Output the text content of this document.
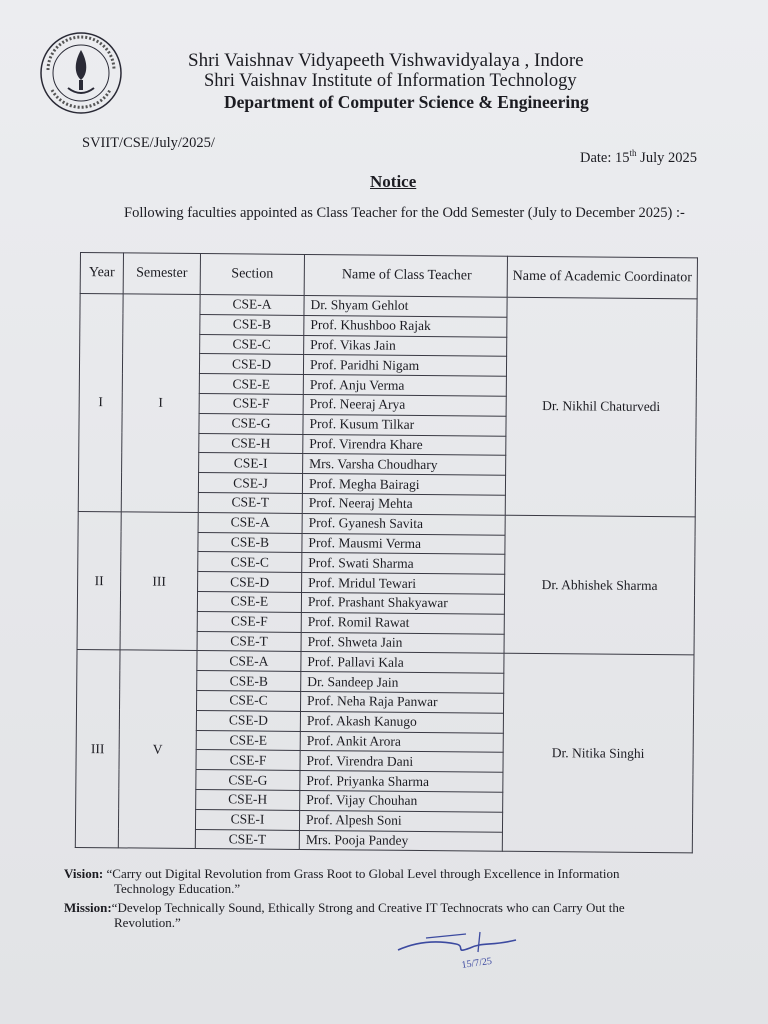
Shri Vaishnav Vidyapeeth Vishwavidyalaya , Indore
Shri Vaishnav Institute of Information Technology
Department of Computer Science & Engineering
SVIIT/CSE/July/2025/
Date: 15th July 2025
Notice
Following faculties appointed as Class Teacher for the Odd Semester (July to December 2025) :-
Year	Semester	Section	Name of Class Teacher	Name of Academic Coordinator
I	I	CSE-A	Dr. Shyam Gehlot	Dr. Nikhil Chaturvedi
		CSE-B	Prof. Khushboo Rajak	
		CSE-C	Prof. Vikas Jain	
		CSE-D	Prof. Paridhi Nigam	
		CSE-E	Prof. Anju Verma	
		CSE-F	Prof. Neeraj Arya	
		CSE-G	Prof. Kusum Tilkar	
		CSE-H	Prof. Virendra Khare	
		CSE-I	Mrs. Varsha Choudhary	
		CSE-J	Prof. Megha Bairagi	
		CSE-T	Prof. Neeraj Mehta	
II	III	CSE-A	Prof. Gyanesh Savita	Dr. Abhishek Sharma
		CSE-B	Prof. Mausmi Verma	
		CSE-C	Prof. Swati Sharma	
		CSE-D	Prof. Mridul Tewari	
		CSE-E	Prof. Prashant Shakyawar	
		CSE-F	Prof. Romil Rawat	
		CSE-T	Prof. Shweta Jain	
III	V	CSE-A	Prof. Pallavi Kala	Dr. Nitika Singhi
		CSE-B	Dr. Sandeep Jain	
		CSE-C	Prof. Neha Raja Panwar	
		CSE-D	Prof. Akash Kanugo	
		CSE-E	Prof. Ankit Arora	
		CSE-F	Prof. Virendra Dani	
		CSE-G	Prof. Priyanka Sharma	
		CSE-H	Prof. Vijay Chouhan	
		CSE-I	Prof. Alpesh Soni	
		CSE-T	Mrs. Pooja Pandey	

Vision: “Carry out Digital Revolution from Grass Root to Global Level through Excellence in Information
Technology Education.”

Mission:“Develop Technically Sound, Ethically Strong and Creative IT Technocrats who can Carry Out the
Revolution.”

15/7/25
